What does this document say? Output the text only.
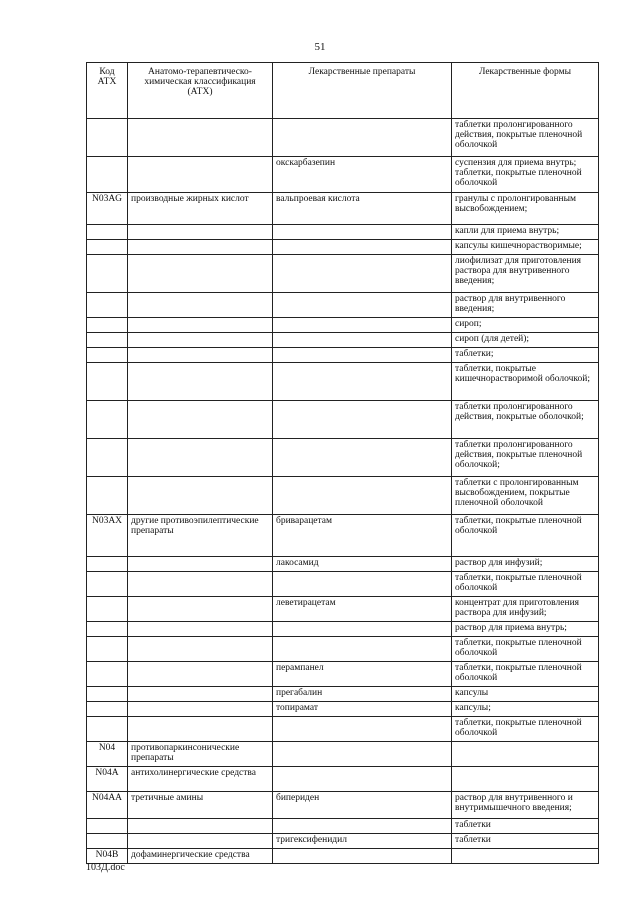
51
Код АТХ	Анатомо-терапевтическо-химическая классификация (АТХ)	Лекарственные препараты	Лекарственные формы
			таблетки пролонгированного действия, покрытые пленочной оболочкой
		окскарбазепин	суспензия для приема внутрь; таблетки, покрытые пленочной оболочкой
N03AG	производные жирных кислот	вальпроевая кислота	гранулы с пролонгированным высвобождением;
			капли для приема внутрь;
			капсулы кишечнорастворимые;
			лиофилизат для приготовления раствора для внутривенного введения;
			раствор для внутривенного введения;
			сироп;
			сироп (для детей);
			таблетки;
			таблетки, покрытые кишечнорастворимой оболочкой;
			таблетки пролонгированного действия, покрытые оболочкой;
			таблетки пролонгированного действия, покрытые пленочной оболочкой;
			таблетки с пролонгированным высвобождением, покрытые пленочной оболочкой
N03AX	другие противоэпилептические препараты	бриварацетам	таблетки, покрытые пленочной оболочкой
		лакосамид	раствор для инфузий;
			таблетки, покрытые пленочной оболочкой
		леветирацетам	концентрат для приготовления раствора для инфузий;
			раствор для приема внутрь;
			таблетки, покрытые пленочной оболочкой
		перампанел	таблетки, покрытые пленочной оболочкой
		прегабалин	капсулы
		топирамат	капсулы;
			таблетки, покрытые пленочной оболочкой
N04	противопаркинсонические препараты		
N04A	антихолинергические средства		
N04AA	третичные амины	бипериден	раствор для внутривенного и внутримышечного введения;
			таблетки
		тригексифенидил	таблетки
N04B	дофаминергические средства		
103Д.doc
